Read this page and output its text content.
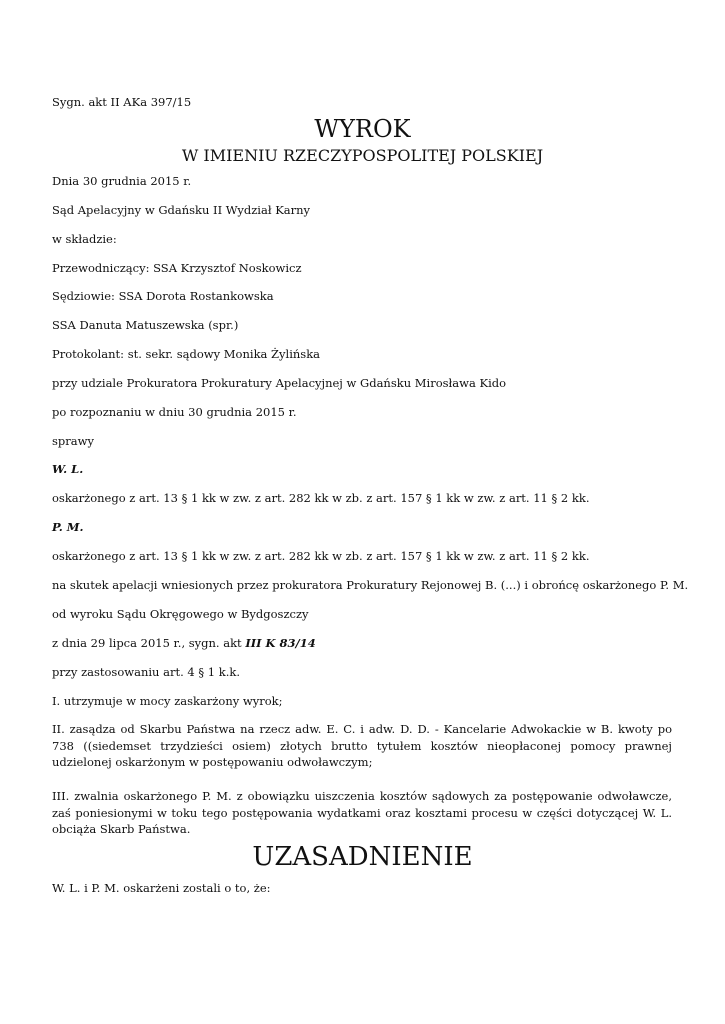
Sygn. akt II AKa 397/15

WYROK

W IMIENIU RZECZYPOSPOLITEJ POLSKIEJ

Dnia 30 grudnia 2015 r.

Sąd Apelacyjny w Gdańsku II Wydział Karny

w składzie:

Przewodniczący: SSA Krzysztof Noskowicz

Sędziowie: SSA Dorota Rostankowska

SSA Danuta Matuszewska (spr.)

Protokolant: st. sekr. sądowy Monika Żylińska

przy udziale Prokuratora Prokuratury Apelacyjnej w Gdańsku Mirosława Kido

po rozpoznaniu w dniu 30 grudnia 2015 r.

sprawy

W. L.

oskarżonego z art. 13 § 1 kk w zw. z art. 282 kk w zb. z art. 157 § 1 kk w zw. z art. 11 § 2 kk.

P. M.

oskarżonego z art. 13 § 1 kk w zw. z art. 282 kk w zb. z art. 157 § 1 kk w zw. z art. 11 § 2 kk.

na skutek apelacji wniesionych przez prokuratora Prokuratury Rejonowej B. (...) i obrońcę oskarżonego P. M.

od wyroku Sądu Okręgowego w Bydgoszczy

z dnia 29 lipca 2015 r., sygn. akt III K 83/14

przy zastosowaniu art. 4 § 1 k.k.

I. utrzymuje w mocy zaskarżony wyrok;

II. zasądza od Skarbu Państwa na rzecz adw. E. C. i adw. D. D. - Kancelarie Adwokackie w B. kwoty po 738 ((siedemset trzydzieści osiem) złotych brutto tytułem kosztów nieopłaconej pomocy prawnej udzielonej oskarżonym w postępowaniu odwoławczym;

III. zwalnia oskarżonego P. M. z obowiązku uiszczenia kosztów sądowych za postępowanie odwoławcze, zaś poniesionymi w toku tego postępowania wydatkami oraz kosztami procesu w części dotyczącej W. L. obciąża Skarb Państwa.

UZASADNIENIE

W. L. i P. M. oskarżeni zostali o to, że:
